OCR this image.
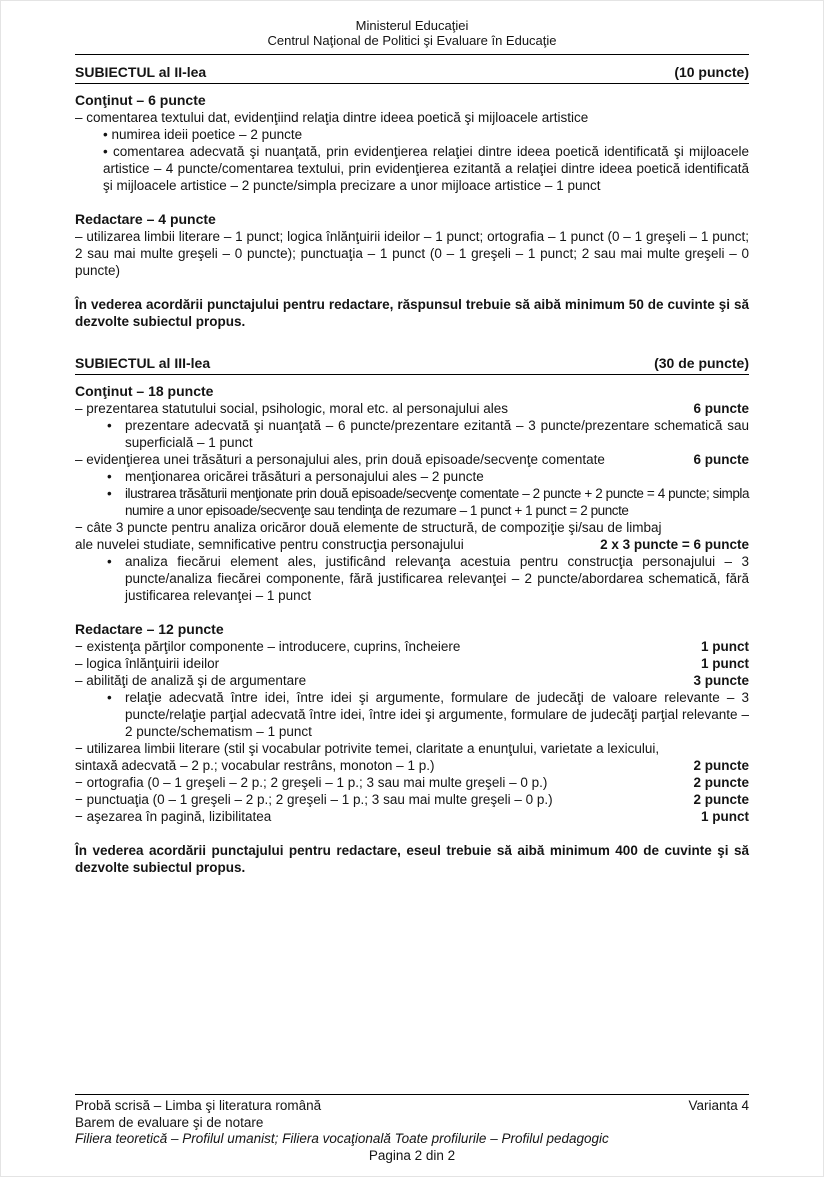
Ministerul Educaţiei
Centrul Naţional de Politici şi Evaluare în Educaţie
SUBIECTUL al II-lea	(10 puncte)
Conţinut – 6 puncte
– comentarea textului dat, evidenţiind relaţia dintre ideea poetică şi mijloacele artistice
• numirea ideii poetice – 2 puncte
• comentarea adecvată şi nuanţată, prin evidenţierea relaţiei dintre ideea poetică identificată şi mijloacele artistice – 4 puncte/comentarea textului, prin evidenţierea ezitantă a relaţiei dintre ideea poetică identificată şi mijloacele artistice – 2 puncte/simpla precizare a unor mijloace artistice – 1 punct
Redactare – 4 puncte
– utilizarea limbii literare – 1 punct; logica înlănţuirii ideilor – 1 punct; ortografia – 1 punct (0 – 1 greşeli – 1 punct; 2 sau mai multe greşeli – 0 puncte); punctuaţia – 1 punct (0 – 1 greşeli – 1 punct; 2 sau mai multe greşeli – 0 puncte)
În vederea acordării punctajului pentru redactare, răspunsul trebuie să aibă minimum 50 de cuvinte şi să dezvolte subiectul propus.
SUBIECTUL al III-lea	(30 de puncte)
Conţinut – 18 puncte
– prezentarea statutului social, psihologic, moral etc. al personajului ales	6 puncte
• prezentare adecvată şi nuanţată – 6 puncte/prezentare ezitantă – 3 puncte/prezentare schematică sau superficială – 1 punct
– evidenţierea unei trăsături a personajului ales, prin două episoade/secvenţe comentate	6 puncte
• menţionarea oricărei trăsături a personajului ales – 2 puncte
• ilustrarea trăsăturii menţionate prin două episoade/secvenţe comentate – 2 puncte + 2 puncte = 4 puncte; simpla numire a unor episoade/secvenţe sau tendinţa de rezumare – 1 punct + 1 punct = 2 puncte
− câte 3 puncte pentru analiza oricăror două elemente de structură, de compoziţie şi/sau de limbaj
ale nuvelei studiate, semnificative pentru construcţia personajului	2 x 3 puncte = 6 puncte
• analiza fiecărui element ales, justificând relevanţa acestuia pentru construcţia personajului – 3 puncte/analiza fiecărei componente, fără justificarea relevanţei – 2 puncte/abordarea schematică, fără justificarea relevanţei – 1 punct
Redactare – 12 puncte
− existenţa părţilor componente – introducere, cuprins, încheiere	1 punct
– logica înlănţuirii ideilor	1 punct
– abilităţi de analiză şi de argumentare	3 puncte
• relaţie adecvată între idei, între idei şi argumente, formulare de judecăţi de valoare relevante – 3 puncte/relaţie parţial adecvată între idei, între idei şi argumente, formulare de judecăţi parţial relevante – 2 puncte/schematism – 1 punct
− utilizarea limbii literare (stil şi vocabular potrivite temei, claritate a enunţului, varietate a lexicului,
sintaxă adecvată – 2 p.; vocabular restrâns, monoton – 1 p.)	2 puncte
− ortografia (0 – 1 greşeli – 2 p.; 2 greşeli – 1 p.; 3 sau mai multe greşeli – 0 p.)	2 puncte
− punctuaţia (0 – 1 greşeli – 2 p.; 2 greşeli – 1 p.; 3 sau mai multe greşeli – 0 p.)	2 puncte
− aşezarea în pagină, lizibilitatea	1 punct
În vederea acordării punctajului pentru redactare, eseul trebuie să aibă minimum 400 de cuvinte şi să dezvolte subiectul propus.
Probă scrisă – Limba şi literatura română	Varianta 4
Barem de evaluare şi de notare
Filiera teoretică – Profilul umanist; Filiera vocaţională Toate profilurile – Profilul pedagogic
Pagina 2 din 2
